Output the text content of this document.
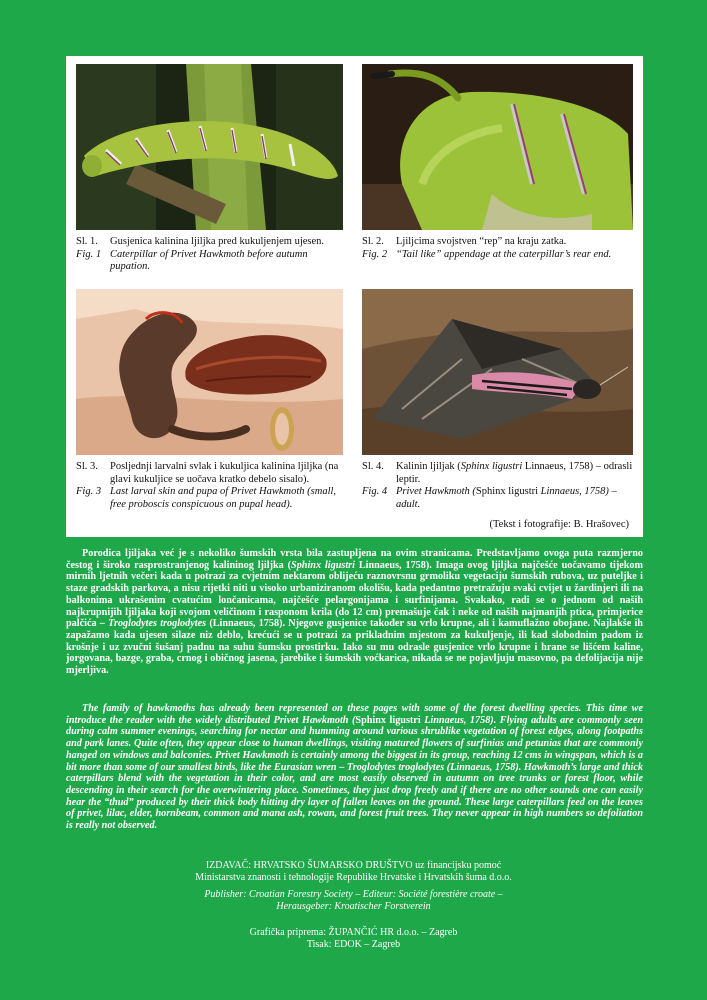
Sl. 1.	Gusjenica kalinina ljiljka pred kukuljenjem ujesen.
Fig. 1 Caterpillar of Privet Hawkmoth before autumn pupation.
Sl. 2.	Ljiljcima svojstven “rep” na kraju zatka.
Fig. 2 “Tail like” appendage at the caterpillar’s rear end.
Sl. 3.	Posljednji larvalni svlak i kukuljica kalinina ljiljka (na glavi kukuljice se uočava kratko debelo sisalo).
Fig. 3 Last larval skin and pupa of Privet Hawkmoth (small, free proboscis conspicuous on pupal head).
Sl. 4.	Kalinin ljiljak (Sphinx ligustri Linnaeus, 1758) – odrasli leptir.
Fig. 4 Privet Hawkmoth (Sphinx ligustri Linnaeus, 1758) – adult.
(Tekst i fotografije: B. Hrašovec)

Porodica ljiljaka već je s nekoliko šumskih vrsta bila zastupljena na ovim stranicama. Predstavljamo ovoga puta razmjerno čestog i široko rasprostranjenog kalininog ljiljka (Sphinx ligustri Linnaeus, 1758). Imaga ovog ljiljka najčešće uočavamo tijekom mirnih ljetnih večeri kada u potrazi za cvjetnim nektarom oblijeću raznovrsnu grmoliku vegetaciju šumskih rubova, uz puteljke i staze gradskih parkova, a nisu rijetki niti u visoko urbaniziranom okolišu, kada pedantno pretražuju svaki cvijet u žardinjeri ili na balkonima ukrašenim cvatućim lončanicama, najčešće pelargonijama i surfinijama. Svakako, radi se o jednom od naših najkrupnijih ljiljaka koji svojom veličinom i rasponom krila (do 12 cm) premašuje čak i neke od naših najmanjih ptica, primjerice palčića – Troglodytes troglodytes (Linnaeus, 1758). Njegove gusjenice također su vrlo krupne, ali i kamuflažno obojane. Najlakše ih zapažamo kada ujesen silaze niz deblo, krećući se u potrazi za prikladnim mjestom za kukuljenje, ili kad slobodnim padom iz krošnje i uz zvučni šušanj padnu na suhu šumsku prostirku. Iako su mu odrasle gusjenice vrlo krupne i hrane se lišćem kaline, jorgovana, bazge, graba, crnog i običnog jasena, jarebike i šumskih voćkarica, nikada se ne pojavljuju masovno, pa defolijacija nije mjerljiva.

The family of hawkmoths has already been represented on these pages with some of the forest dwelling species. This time we introduce the reader with the widely distributed Privet Hawkmoth (Sphinx ligustri Linnaeus, 1758). Flying adults are commonly seen during calm summer evenings, searching for nectar and humming around various shrublike vegetation of forest edges, along footpaths and park lanes. Quite often, they appear close to human dwellings, visiting matured flowers of surfinias and petunias that are commonly hanged on windows and balconies. Privet Hawkmoth is certainly among the biggest in its group, reaching 12 cms in wingspan, which is a bit more than some of our smallest birds, like the Eurasian wren – Troglodytes troglodytes (Linnaeus, 1758). Hawkmoth’s large and thick caterpillars blend with the vegetation in their color, and are most easily observed in autumn on tree trunks or forest floor, while descending in their search for the overwintering place. Sometimes, they just drop freely and if there are no other sounds one can easily hear the “thud” produced by their thick body hitting dry layer of fallen leaves on the ground. These large caterpillars feed on the leaves of privet, lilac, elder, hornbeam, common and mana ash, rowan, and forest fruit trees. They never appear in high numbers so defoliation is really not observed.

IZDAVAČ: HRVATSKO ŠUMARSKO DRUŠTVO uz financijsku pomoć
Ministarstva znanosti i tehnologije Republike Hrvatske i Hrvatskih šuma d.o.o.
Publisher: Croatian Forestry Society – Editeur: Société forestière croate –
Herausgeber: Kroatischer Forstverein
Grafička priprema: ŽUPANČIĆ HR d.o.o. – Zagreb
Tisak: EDOK – Zagreb
